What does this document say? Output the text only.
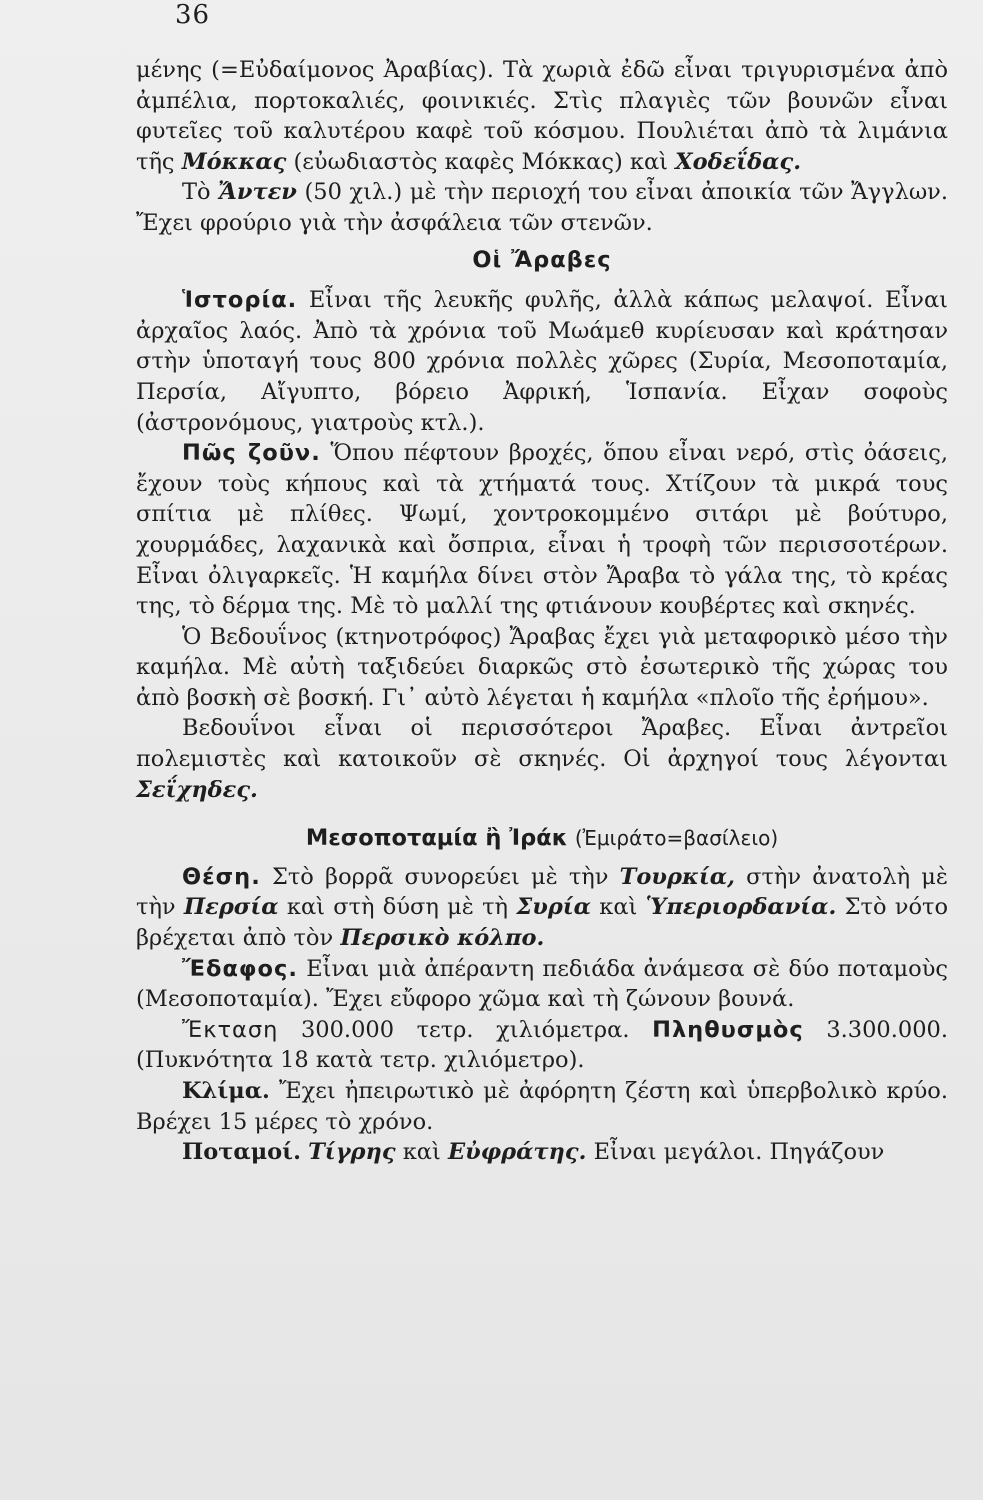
36

μένης (=Εὐδαίμονος Ἀραβίας). Τὰ χωριὰ ἐδῶ εἶναι τριγυρισμένα ἀπὸ ἀμπέλια, πορτοκαλιές, φοινικιές. Στὶς πλαγιὲς τῶν βουνῶν εἶναι φυτεῖες τοῦ καλυτέρου καφὲ τοῦ κόσμου. Πουλιέται ἀπὸ τὰ λιμάνια τῆς Μόκκας (εὐωδιαστὸς καφὲς Μόκκας) καὶ Χοδεΐδας.

Τὸ Ἄντεν (50 χιλ.) μὲ τὴν περιοχή του εἶναι ἀποικία τῶν Ἄγγλων. Ἔχει φρούριο γιὰ τὴν ἀσφάλεια τῶν στενῶν.

Οἱ Ἄραβες

Ἱστορία. Εἶναι τῆς λευκῆς φυλῆς, ἀλλὰ κάπως μελαψοί. Εἶναι ἀρχαῖος λαός. Ἀπὸ τὰ χρόνια τοῦ Μωάμεθ κυρίευσαν καὶ κράτησαν στὴν ὑποταγή τους 800 χρόνια πολλὲς χῶρες (Συρία, Μεσοποταμία, Περσία, Αἴγυπτο, βόρειο Ἀφρική, Ἱσπανία. Εἶχαν σοφοὺς (ἀστρονόμους, γιατροὺς κτλ.).

Πῶς ζοῦν. Ὅπου πέφτουν βροχές, ὅπου εἶναι νερό, στὶς ὀάσεις, ἔχουν τοὺς κήπους καὶ τὰ χτήματά τους. Χτίζουν τὰ μικρά τους σπίτια μὲ πλίθες. Ψωμί, χοντροκομμένο σιτάρι μὲ βούτυρο, χουρμάδες, λαχανικὰ καὶ ὄσπρια, εἶναι ἡ τροφὴ τῶν περισσοτέρων. Εἶναι ὀλιγαρκεῖς. Ἡ καμήλα δίνει στὸν Ἄραβα τὸ γάλα της, τὸ κρέας της, τὸ δέρμα της. Μὲ τὸ μαλλί της φτιάνουν κουβέρτες καὶ σκηνές.

Ὁ Βεδουΐνος (κτηνοτρόφος) Ἄραβας ἔχει γιὰ μεταφορικὸ μέσο τὴν καμήλα. Μὲ αὐτὴ ταξιδεύει διαρκῶς στὸ ἐσωτερικὸ τῆς χώρας του ἀπὸ βοσκὴ σὲ βοσκή. Γι᾽ αὐτὸ λέγεται ἡ καμήλα «πλοῖο τῆς ἐρήμου».

Βεδουΐνοι εἶναι οἱ περισσότεροι Ἄραβες. Εἶναι ἀντρεῖοι πολεμιστὲς καὶ κατοικοῦν σὲ σκηνές. Οἱ ἀρχηγοί τους λέγονται Σεΐχηδες.

Μεσοποταμία ἢ Ἰράκ (Ἐμιράτο=βασίλειο)

Θέση. Στὸ βορρᾶ συνορεύει μὲ τὴν Τουρκία, στὴν ἀνατολὴ μὲ τὴν Περσία καὶ στὴ δύση μὲ τὴ Συρία καὶ Ὑπεριορδανία. Στὸ νότο βρέχεται ἀπὸ τὸν Περσικὸ κόλπο.

Ἔδαφος. Εἶναι μιὰ ἀπέραντη πεδιάδα ἀνάμεσα σὲ δύο ποταμοὺς (Μεσοποταμία). Ἔχει εὔφορο χῶμα καὶ τὴ ζώνουν βουνά.

Ἔκταση 300.000 τετρ. χιλιόμετρα. Πληθυσμὸς 3.300.000. (Πυκνότητα 18 κατὰ τετρ. χιλιόμετρο).

Κλίμα. Ἔχει ἠπειρωτικὸ μὲ ἀφόρητη ζέστη καὶ ὑπερβολικὸ κρύο. Βρέχει 15 μέρες τὸ χρόνο.

Ποταμοί. Τίγρης καὶ Εὐφράτης. Εἶναι μεγάλοι. Πηγάζουν
